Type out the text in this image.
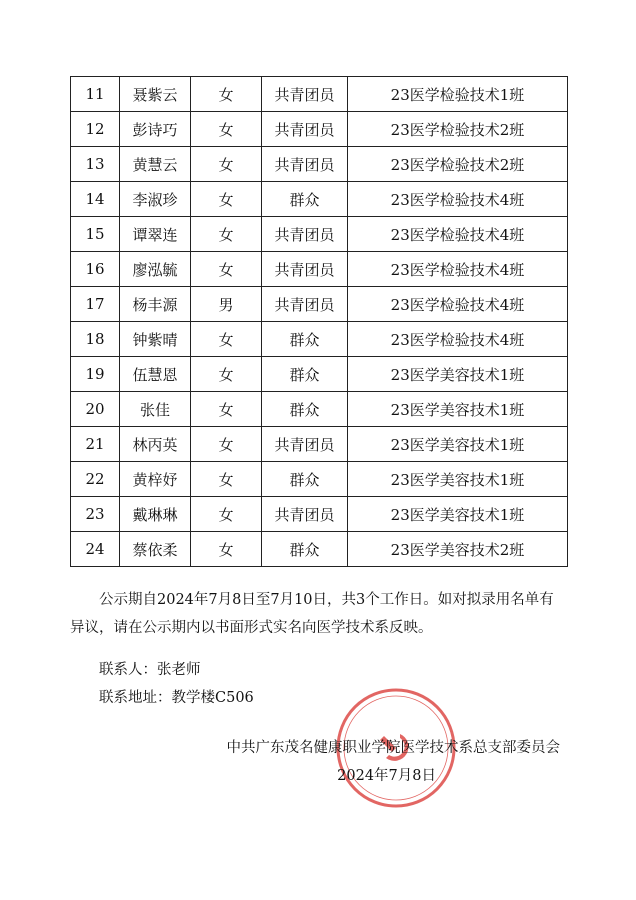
11	聂紫云	女	共青团员	23医学检验技术1班
12	彭诗巧	女	共青团员	23医学检验技术2班
13	黄慧云	女	共青团员	23医学检验技术2班
14	李淑珍	女	群众	23医学检验技术4班
15	谭翠连	女	共青团员	23医学检验技术4班
16	廖泓毓	女	共青团员	23医学检验技术4班
17	杨丰源	男	共青团员	23医学检验技术4班
18	钟紫晴	女	群众	23医学检验技术4班
19	伍慧恩	女	群众	23医学美容技术1班
20	张佳	女	群众	23医学美容技术1班
21	林丙英	女	共青团员	23医学美容技术1班
22	黄梓妤	女	群众	23医学美容技术1班
23	戴琳琳	女	共青团员	23医学美容技术1班
24	蔡依柔	女	群众	23医学美容技术2班

公示期自2024年7月8日至7月10日，共3个工作日。如对拟录用名单有异议，请在公示期内以书面形式实名向医学技术系反映。

联系人：张老师

联系地址：教学楼C506

中共广东茂名健康职业学院医学技术系总支部委员会
2024年7月8日
